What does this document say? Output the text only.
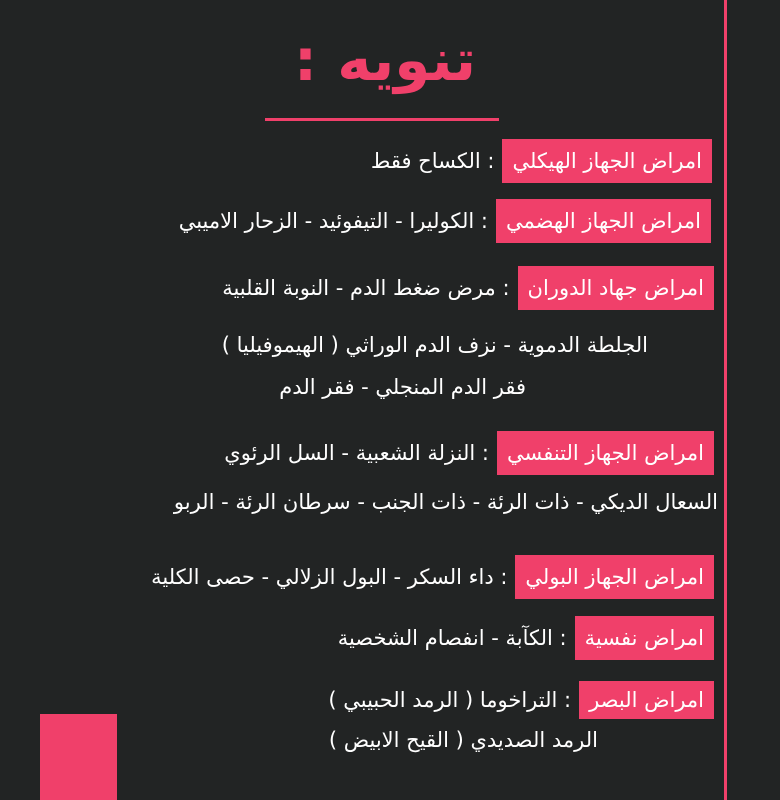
تنويه :
امراض الجهاز الهيكلي
: الكساح فقط
امراض الجهاز الهضمي
: الكوليرا - التيفوئيد - الزحار الاميبي
امراض جهاد الدوران
: مرض ضغط الدم - النوبة القلبية
الجلطة الدموية - نزف الدم الوراثي ( الهيموفيليا )
فقر الدم المنجلي - فقر الدم
امراض الجهاز التنفسي
: النزلة الشعبية - السل الرئوي
السعال الديكي - ذات الرئة - ذات الجنب - سرطان الرئة - الربو
امراض الجهاز البولي
: داء السكر - البول الزلالي - حصى الكلية
امراض نفسية
: الكآبة - انفصام الشخصية
امراض البصر
: التراخوما ( الرمد الحبيبي )
الرمد الصديدي ( القيح الابيض )
